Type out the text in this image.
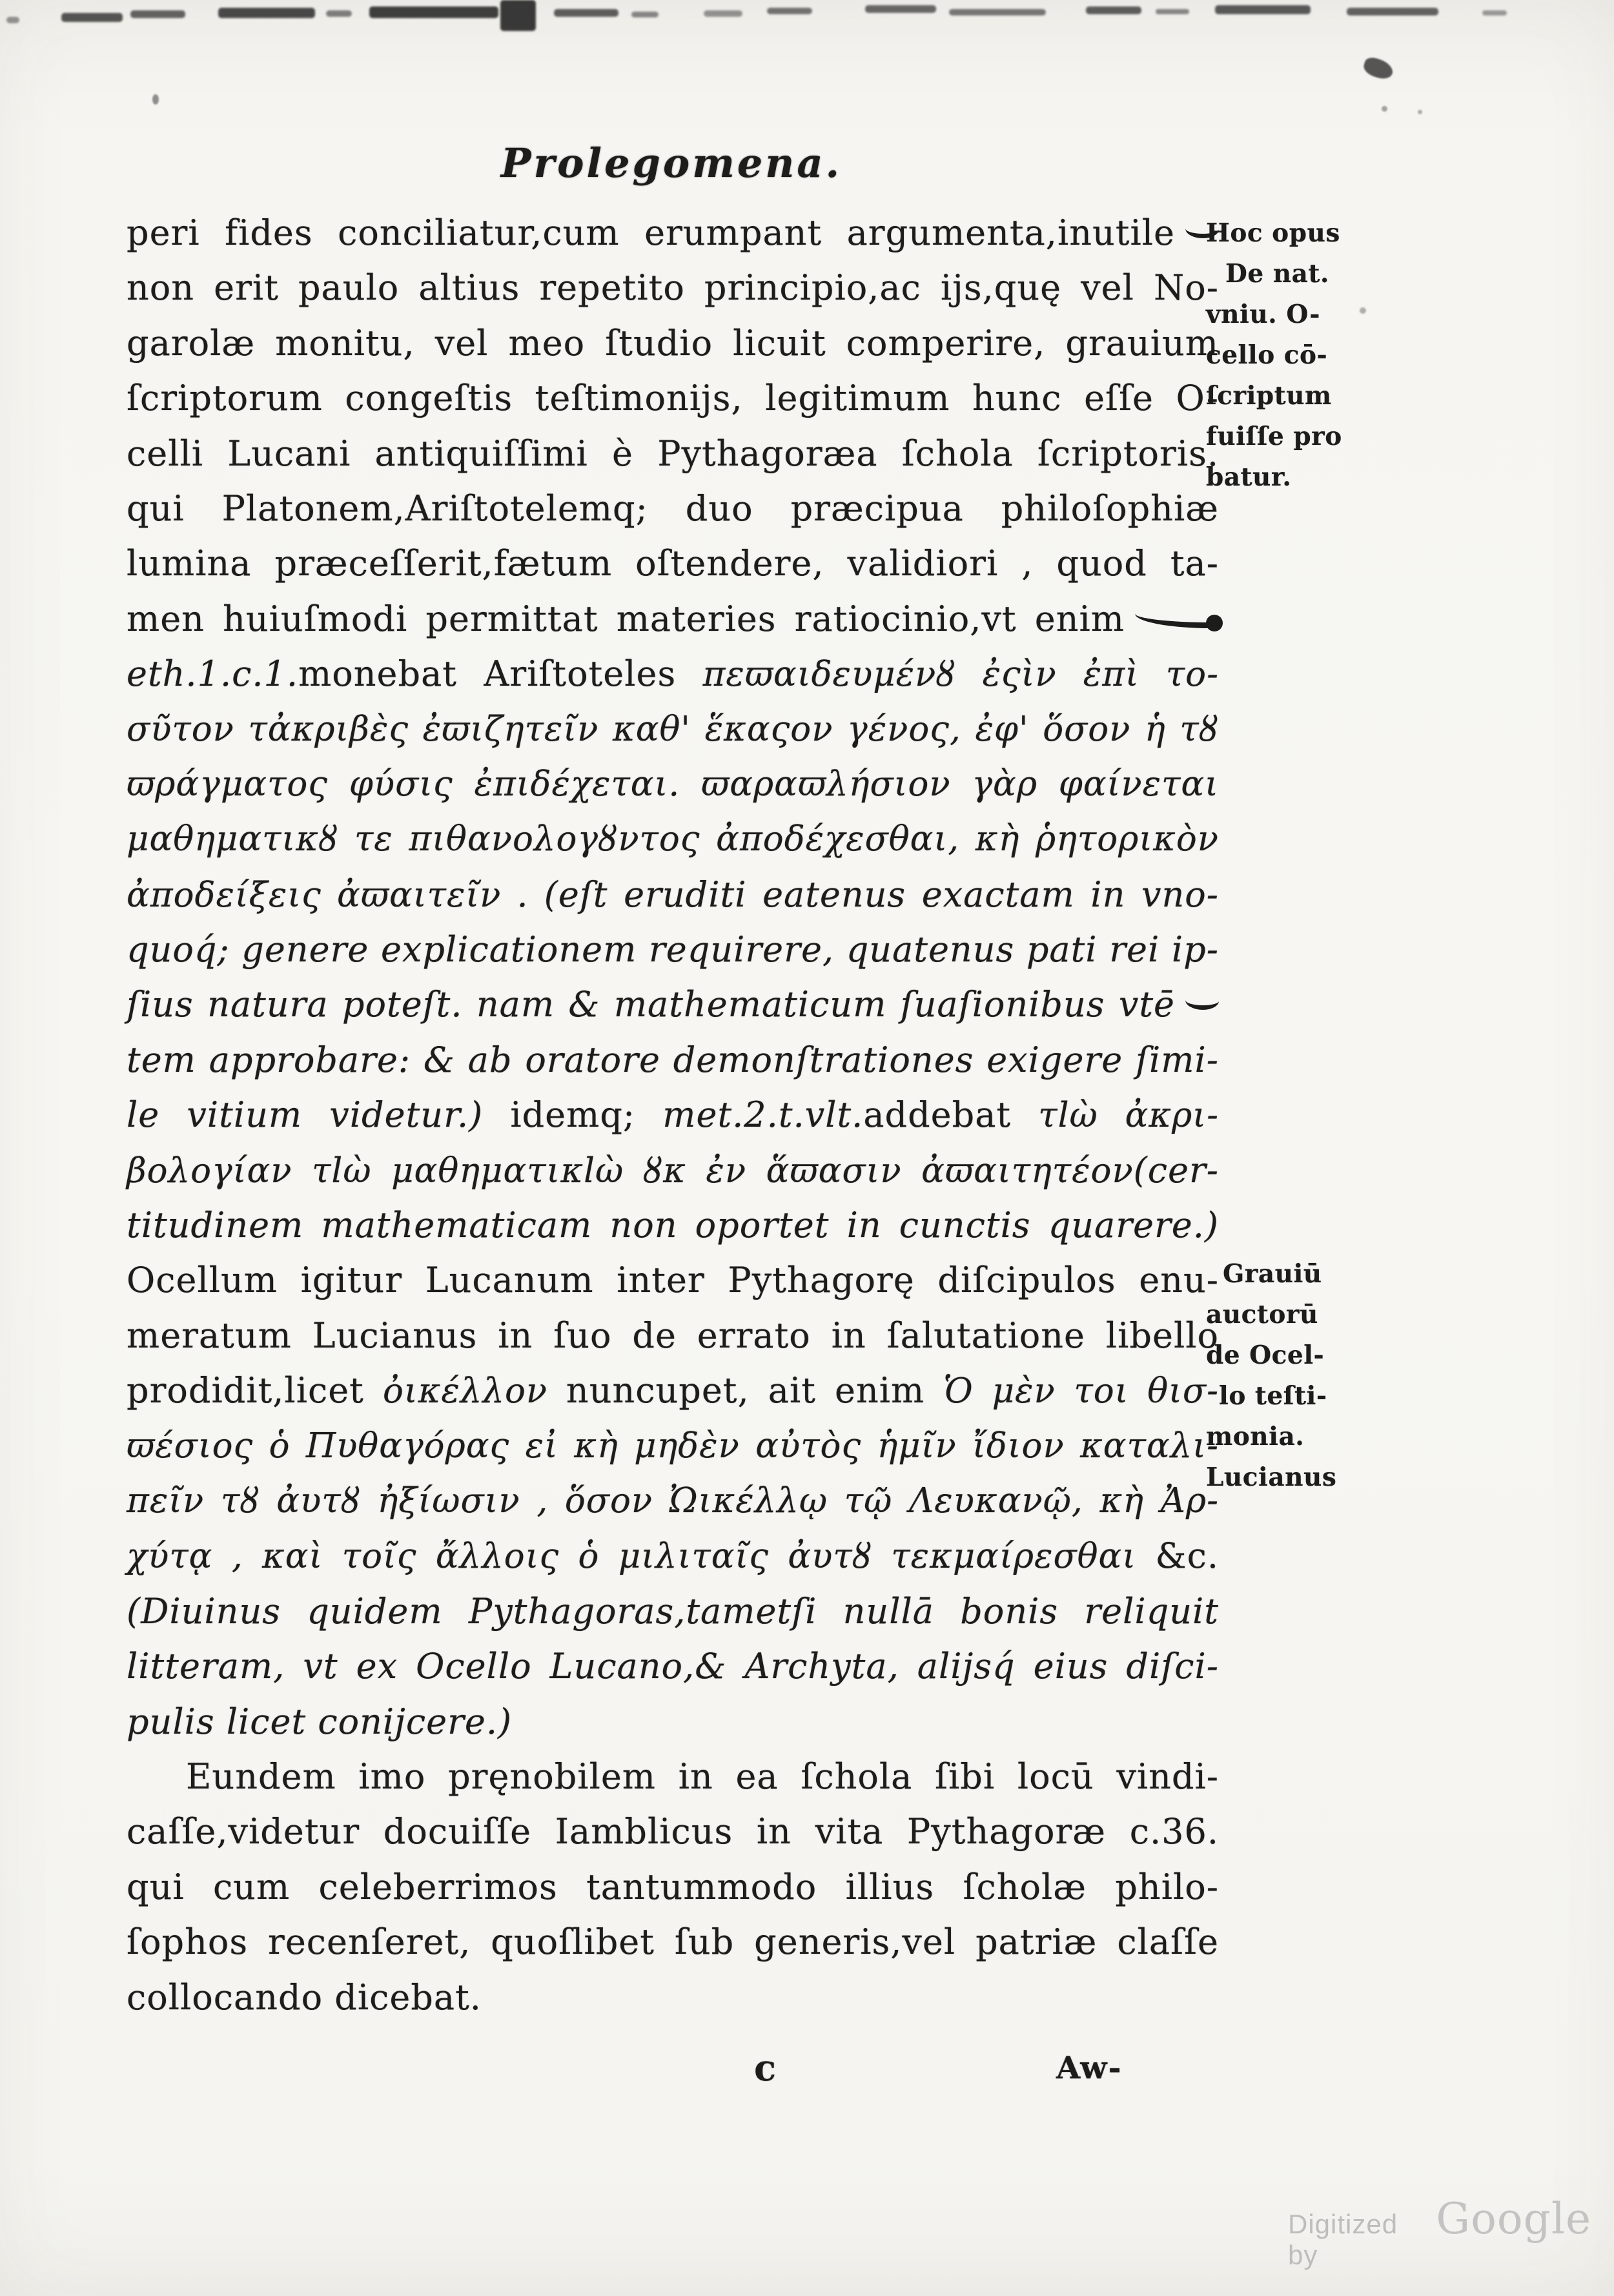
Prolegomena.
peri fides conciliatur,cum erumpant argumenta,inutile
non erit paulo altius repetito principio,ac ijs,quę vel No-
garolæ monitu, vel meo ſtudio licuit comperire, grauium
ſcriptorum congeſtis teſtimonijs, legitimum hunc eſſe O-
celli Lucani antiquiſſimi è Pythagoræa ſchola ſcriptoris.
qui Platonem,Ariſtotelemq; duo præcipua philoſophiæ
lumina præceſſerit,fætum oſtendere, validiori , quod ta-
men huiuſmodi permittat materies ratiocinio,vt enim
eth.1.c.1.monebat Ariſtoteles πεϖαιδευμένȣ ἐςὶν ἐπὶ το-
σῦτον τἀκριβὲς ἐϖιζητεῖν καθ' ἕκαςον γένος, ἐφ' ὅσον ἡ τȣ
ϖράγματος φύσις ἐπιδέχεται. ϖαραϖλήσιον γὰρ φαίνεται
μαθηματικȣ τε πιθανολογȣντος ἀποδέχεσθαι, κὴ ῥητορικὸν
ἀποδείξεις ἀϖαιτεῖν . (eſt eruditi eatenus exactam in vno-
quoq́; genere explicationem requirere, quatenus pati rei ip-
ſius natura poteſt. nam & mathematicum ſuaſionibus vtē
tem approbare: & ab oratore demonſtrationes exigere ſimi-
le vitium videtur.) idemq; met.2.t.vlt.addebat τlὼ ἀκρι-
βολογίαν τlὼ μαθηματικlὼ ȣκ ἐν ἅϖασιν ἀϖαιτητέον(cer-
titudinem mathematicam non oportet in cunctis quarere.)
Ocellum igitur Lucanum inter Pythagorę diſcipulos enu-
meratum Lucianus in ſuo de errato in ſalutatione libello
prodidit,licet ὀικέλλον nuncupet, ait enim Ὁ μὲν τοι θισ-
ϖέσιος ὁ Πυθαγόρας εἰ κὴ μηδὲν αὐτὸς ἡμῖν ἴδιον καταλι-
πεῖν τȣ ἀυτȣ ἠξίωσιν , ὅσον Ὠικέλλῳ τῷ Λευκανῷ, κὴ Ἀρ-
χύτᾳ , καὶ τοῖς ἄλλοις ὁ μιλιταῖς ἀυτȣ τεκμαίρεσθαι &c.
(Diuinus quidem Pythagoras,tametſi nullā bonis reliquit
litteram, vt ex Ocello Lucano,& Archyta, alijsq́ eius diſci-
pulis licet conijcere.)
Eundem imo pręnobilem in ea ſchola ſibi locū vindi-
caſſe,videtur docuiſſe Iamblicus in vita Pythagoræ c.36.
qui cum celeberrimos tantummodo illius ſcholæ philo-
ſophos recenſeret, quoſlibet ſub generis,vel patriæ claſſe
collocando dicebat.
Hoc opus
De nat.
vniu. O-
cello cō-
ſcriptum
fuiſſe pro
batur.
Grauiū
auctorū
de Ocel-
lo teſti-
monia.
Lucianus
c	Aw-
Digitized by
Google
